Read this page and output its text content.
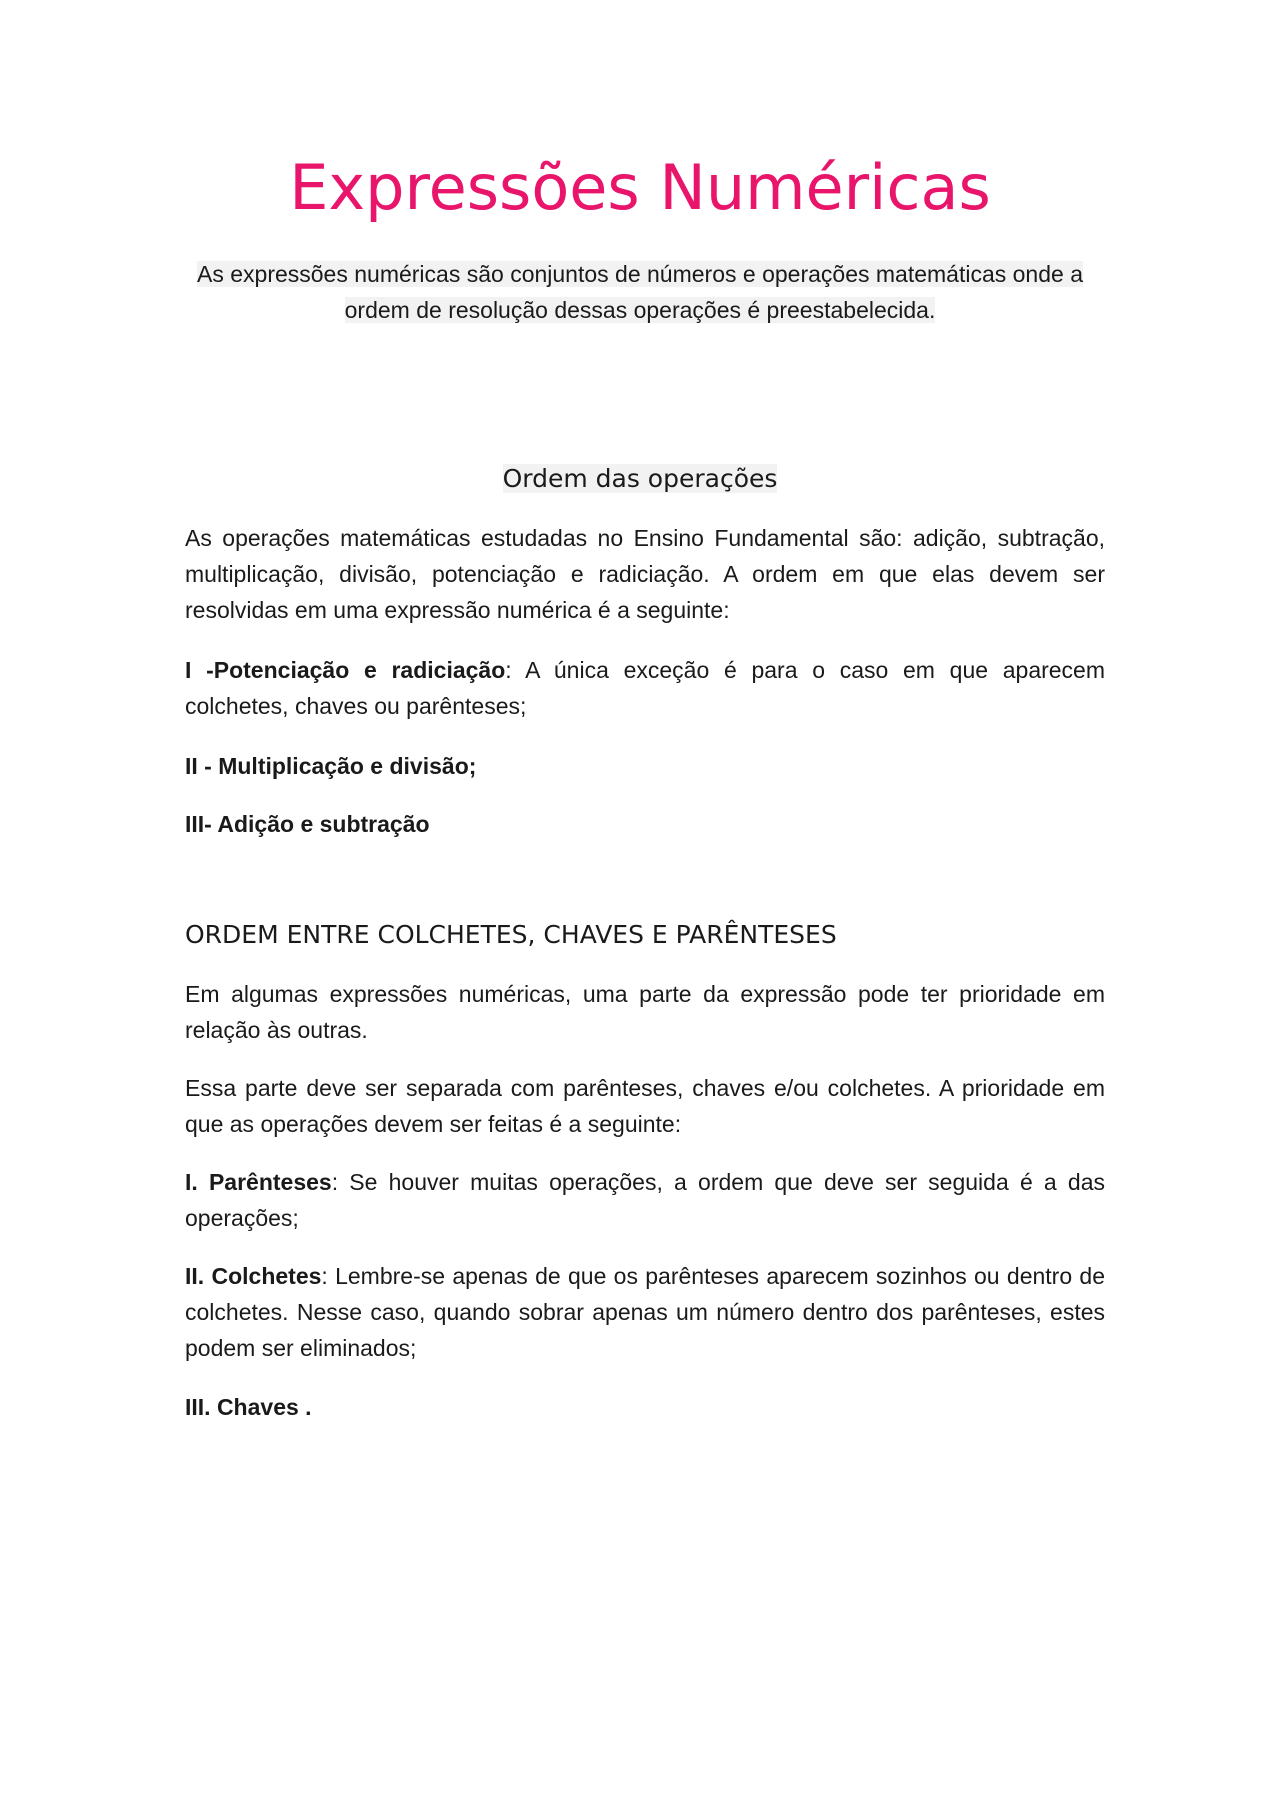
Expressões Numéricas

As expressões numéricas são conjuntos de números e operações matemáticas onde a ordem de resolução dessas operações é preestabelecida.

Ordem das operações

As operações matemáticas estudadas no Ensino Fundamental são: adição, subtração, multiplicação, divisão, potenciação e radiciação. A ordem em que elas devem ser resolvidas em uma expressão numérica é a seguinte:

I -Potenciação e radiciação: A única exceção é para o caso em que aparecem colchetes, chaves ou parênteses;

II - Multiplicação e divisão;

III- Adição e subtração

ORDEM ENTRE COLCHETES, CHAVES E PARÊNTESES

Em algumas expressões numéricas, uma parte da expressão pode ter prioridade em relação às outras.

Essa parte deve ser separada com parênteses, chaves e/ou colchetes. A prioridade em que as operações devem ser feitas é a seguinte:

I. Parênteses: Se houver muitas operações, a ordem que deve ser seguida é a das operações;

II. Colchetes: Lembre-se apenas de que os parênteses aparecem sozinhos ou dentro de colchetes. Nesse caso, quando sobrar apenas um número dentro dos parênteses, estes podem ser eliminados;

III. Chaves .
